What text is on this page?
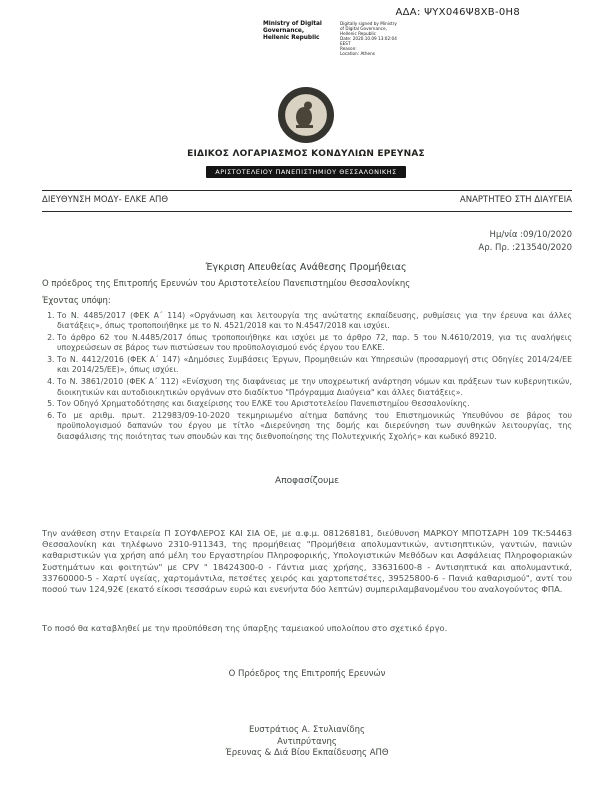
ΑΔΑ: ΨΥΧ046Ψ8ΧΒ-0Η8
Ministry of Digital
Governance,
Hellenic Republic
Digitally signed by Ministry
of Digital Governance,
Hellenic Republic
Date: 2020.10.09 13:02:04
EEST
Reason:
Location: Athens
ΕΙΔΙΚΟΣ ΛΟΓΑΡΙΑΣΜΟΣ ΚΟΝΔΥΛΙΩΝ ΕΡΕΥΝΑΣ
ΑΡΙΣΤΟΤΕΛΕΙΟΥ ΠΑΝΕΠΙΣΤΗΜΙΟΥ ΘΕΣΣΑΛΟΝΙΚΗΣ
ΔΙΕΥΘΥΝΣΗ ΜΟΔΥ- ΕΛΚΕ ΑΠΘ	ΑΝΑΡΤΗΤΕΟ ΣΤΗ ΔΙΑΥΓΕΙΑ
Ημ/νία :09/10/2020
Αρ. Πρ. :213540/2020
Έγκριση Απευθείας Ανάθεσης Προμήθειας

Ο πρόεδρος της Επιτροπής Ερευνών του Αριστοτελείου Πανεπιστημίου Θεσσαλονίκης

Έχοντας υπόψη:

1. Το Ν. 4485/2017 (ΦΕΚ Α΄ 114) «Οργάνωση και λειτουργία της ανώτατης εκπαίδευσης, ρυθμίσεις για την έρευνα και άλλες διατάξεις», όπως τροποποιήθηκε με το Ν. 4521/2018 και το Ν.4547/2018 και ισχύει.
2. Το άρθρο 62 του Ν.4485/2017 όπως τροποποιήθηκε και ισχύει με το άρθρο 72, παρ. 5 του Ν.4610/2019, για τις αναλήψεις υποχρεώσεων σε βάρος των πιστώσεων του προϋπολογισμού ενός έργου του ΕΛΚΕ.
3. Το Ν. 4412/2016 (ΦΕΚ Α΄ 147) «Δημόσιες Συμβάσεις Έργων, Προμηθειών και Υπηρεσιών (προσαρμογή στις Οδηγίες 2014/24/ΕΕ και 2014/25/ΕΕ)», όπως ισχύει.
4. Το Ν. 3861/2010 (ΦΕΚ Α΄ 112) «Ενίσχυση της διαφάνειας με την υποχρεωτική ανάρτηση νόμων και πράξεων των κυβερνητικών, διοικητικών και αυτοδιοικητικών οργάνων στο διαδίκτυο "Πρόγραμμα Διαύγεια" και άλλες διατάξεις».
5. Τον Οδηγό Χρηματοδότησης και διαχείρισης του ΕΛΚΕ του Αριστοτελείου Πανεπιστημίου Θεσσαλονίκης.
6. Το με αριθμ. πρωτ. 212983/09-10-2020 τεκμηριωμένο αίτημα δαπάνης του Επιστημονικώς Υπευθύνου σε βάρος του προϋπολογισμού δαπανών του έργου με τίτλο «Διερεύνηση της δομής και διερεύνηση των συνθηκών λειτουργίας, της διασφάλισης της ποιότητας των σπουδών και της διεθνοποίησης της Πολυτεχνικής Σχολής» και κωδικό 89210.
Αποφασίζουμε

Την ανάθεση στην Εταιρεία Π ΣΟΥΦΛΕΡΟΣ ΚΑΙ ΣΙΑ ΟΕ, με α.φ.μ. 081268181, διεύθυνση ΜΑΡΚΟΥ ΜΠΟΤΣΑΡΗ 109 ΤΚ:54463 Θεσσαλονίκη και τηλέφωνο 2310-911343, της προμήθειας "Προμήθεια απολυμαντικών, αντισηπτικών, γαντιών, πανιών καθαριστικών για χρήση από μέλη του Εργαστηρίου Πληροφορικής, Υπολογιστικών Μεθόδων και Ασφάλειας Πληροφοριακών Συστημάτων και φοιτητών" με CPV " 18424300-0 - Γάντια μιας χρήσης, 33631600-8 - Αντισηπτικά και απολυμαντικά, 33760000-5 - Χαρτί υγείας, χαρτομάντιλα, πετσέτες χειρός και χαρτοπετσέτες, 39525800-6 - Πανιά καθαρισμού", αντί του ποσού των 124,92€ (εκατό είκοσι τεσσάρων ευρώ και ενενήντα δύο λεπτών) συμπεριλαμβανομένου του αναλογούντος ΦΠΑ.

Το ποσό θα καταβληθεί με την προϋπόθεση της ύπαρξης ταμειακού υπολοίπου στο σχετικό έργο.

Ο Πρόεδρος της Επιτροπής Ερευνών
Ευστράτιος Α. Στυλιανίδης
Αντιπρύτανης
Έρευνας & Διά Βίου Εκπαίδευσης ΑΠΘ
